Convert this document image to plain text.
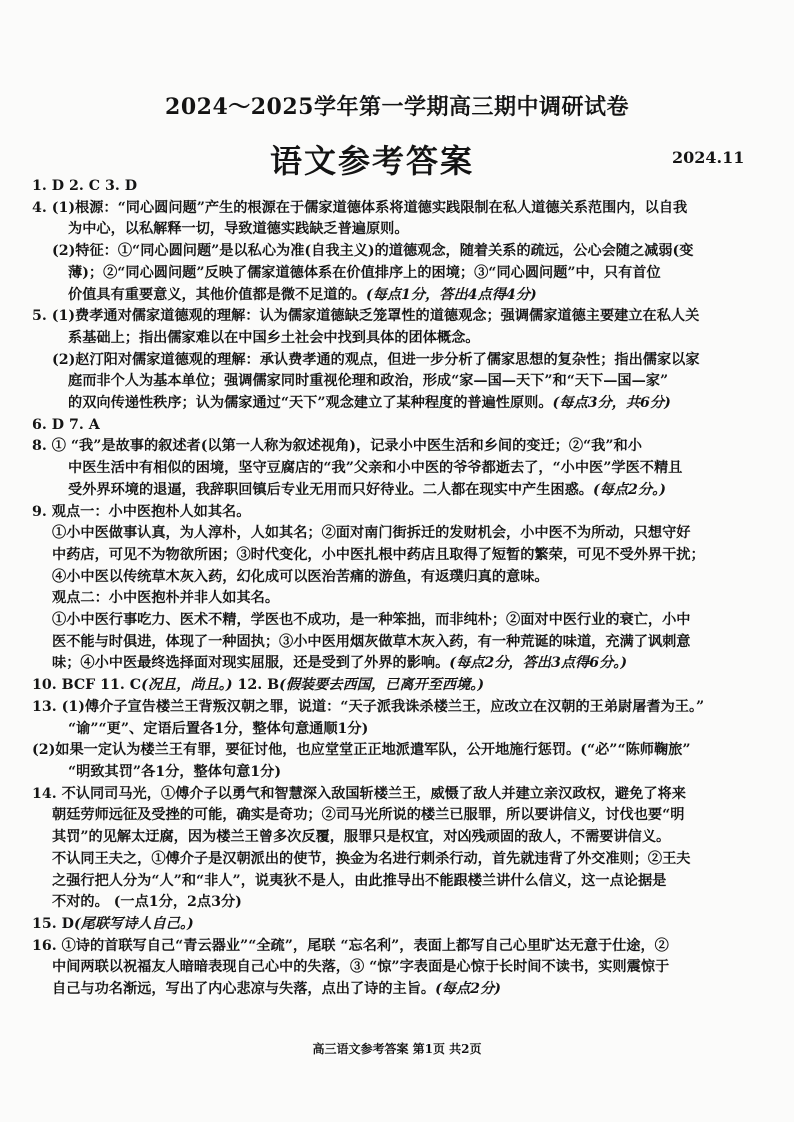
2024～2025学年第一学期高三期中调研试卷
语文参考答案	2024.11
1. D 2. C 3. D
4. (1)根源：“同心圆问题”产生的根源在于儒家道德体系将道德实践限制在私人道德关系范围内，以自我
为中心，以私解释一切，导致道德实践缺乏普遍原则。
(2)特征：①“同心圆问题”是以私心为准(自我主义)的道德观念，随着关系的疏远，公心会随之减弱(变
薄)；②“同心圆问题”反映了儒家道德体系在价值排序上的困境；③“同心圆问题”中，只有首位
价值具有重要意义，其他价值都是微不足道的。(每点1分，答出4点得4分)
5. (1)费孝通对儒家道德观的理解：认为儒家道德缺乏笼罩性的道德观念；强调儒家道德主要建立在私人关
系基础上；指出儒家难以在中国乡土社会中找到具体的团体概念。
(2)赵汀阳对儒家道德观的理解：承认费孝通的观点，但进一步分析了儒家思想的复杂性；指出儒家以家
庭而非个人为基本单位；强调儒家同时重视伦理和政治，形成“家—国—天下”和“天下—国—家”
的双向传递性秩序；认为儒家通过“天下”观念建立了某种程度的普遍性原则。(每点3分，共6分)
6. D 7. A
8. ① “我”是故事的叙述者(以第一人称为叙述视角)，记录小中医生活和乡间的变迁；②“我”和小
中医生活中有相似的困境，坚守豆腐店的“我”父亲和小中医的爷爷都逝去了，“小中医”学医不精且
受外界环境的退逼，我辞职回镇后专业无用而只好待业。二人都在现实中产生困惑。(每点2分。)
9. 观点一：小中医抱朴人如其名。
①小中医做事认真，为人淳朴，人如其名；②面对南门街拆迁的发财机会，小中医不为所动，只想守好
中药店，可见不为物欲所困；③时代变化，小中医扎根中药店且取得了短暂的繁荣，可见不受外界干扰；
④小中医以传统草木灰入药，幻化成可以医治苦痛的游鱼，有返璞归真的意味。
观点二：小中医抱朴并非人如其名。
①小中医行事吃力、医术不精，学医也不成功，是一种笨拙，而非纯朴；②面对中医行业的衰亡，小中
医不能与时俱进，体现了一种固执；③小中医用烟灰做草木灰入药，有一种荒诞的味道，充满了讽刺意
味；④小中医最终选择面对现实屈服，还是受到了外界的影响。(每点2分，答出3点得6分。)
10. BCF 11. C(况且，尚且。) 12. B(假装要去西国，已离开至西境。)
13. (1)傅介子宣告楼兰王背叛汉朝之罪，说道：“天子派我诛杀楼兰王，应改立在汉朝的王弟尉屠耆为王。”
“谕”“更”、定语后置各1分，整体句意通顺1分)
(2)如果一定认为楼兰王有罪，要征讨他，也应堂堂正正地派遣军队，公开地施行惩罚。(“必”“陈师鞠旅”
“明致其罚”各1分，整体句意1分)
14. 不认同司马光，①傅介子以勇气和智慧深入敌国斩楼兰王，威慑了敌人并建立亲汉政权，避免了将来
朝廷劳师远征及受挫的可能，确实是奇功；②司马光所说的楼兰已服罪，所以要讲信义，讨伐也要“明
其罚”的见解太迂腐，因为楼兰王曾多次反覆，服罪只是权宜，对凶残顽固的敌人，不需要讲信义。
不认同王夫之，①傅介子是汉朝派出的使节，换金为名进行刺杀行动，首先就违背了外交准则；②王夫
之强行把人分为“人”和“非人”，说夷狄不是人，由此推导出不能跟楼兰讲什么信义，这一点论据是
不对的。 (一点1分，2点3分)
15. D(尾联写诗人自己。)
16. ①诗的首联写自己“青云器业”“全疏”，尾联 “忘名利”，表面上都写自己心里旷达无意于仕途，②
中间两联以祝福友人暗暗表现自己心中的失落，③ “惊”字表面是心惊于长时间不读书，实则震惊于
自己与功名渐远，写出了内心悲凉与失落，点出了诗的主旨。(每点2分)
高三语文参考答案 第1页 共2页
